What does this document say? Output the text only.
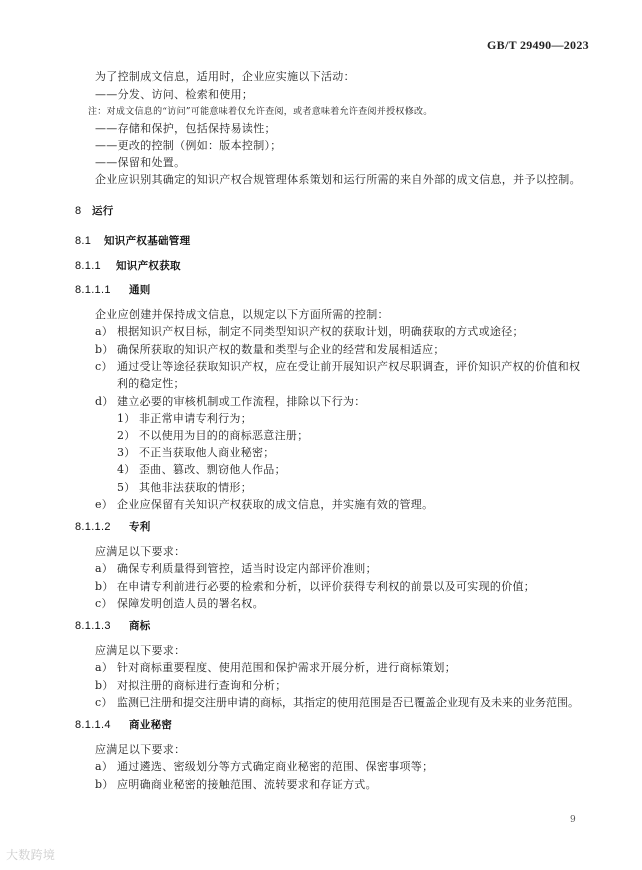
GB/T 29490—2023
为了控制成文信息，适用时，企业应实施以下活动：
——分发、访问、检索和使用；
注：对成文信息的“访问”可能意味着仅允许查阅，或者意味着允许查阅并授权修改。
——存储和保护，包括保持易读性；
——更改的控制（例如：版本控制）；
——保留和处置。
企业应识别其确定的知识产权合规管理体系策划和运行所需的来自外部的成文信息，并予以控制。
8 运行
8.1 知识产权基础管理
8.1.1 知识产权获取
8.1.1.1 通则
企业应创建并保持成文信息，以规定以下方面所需的控制：
a） 根据知识产权目标，制定不同类型知识产权的获取计划，明确获取的方式或途径；
b） 确保所获取的知识产权的数量和类型与企业的经营和发展相适应；
c） 通过受让等途径获取知识产权，应在受让前开展知识产权尽职调查，评价知识产权的价值和权
利的稳定性；
d） 建立必要的审核机制或工作流程，排除以下行为：
1） 非正常申请专利行为；
2） 不以使用为目的的商标恶意注册；
3） 不正当获取他人商业秘密；
4） 歪曲、篡改、剽窃他人作品；
5） 其他非法获取的情形；
e） 企业应保留有关知识产权获取的成文信息，并实施有效的管理。
8.1.1.2 专利
应满足以下要求：
a） 确保专利质量得到管控，适当时设定内部评价准则；
b） 在申请专利前进行必要的检索和分析，以评价获得专利权的前景以及可实现的价值；
c） 保障发明创造人员的署名权。
8.1.1.3 商标
应满足以下要求：
a） 针对商标重要程度、使用范围和保护需求开展分析，进行商标策划；
b） 对拟注册的商标进行查询和分析；
c） 监测已注册和提交注册申请的商标，其指定的使用范围是否已覆盖企业现有及未来的业务范围。
8.1.1.4 商业秘密
应满足以下要求：
a） 通过遴选、密级划分等方式确定商业秘密的范围、保密事项等；
b） 应明确商业秘密的接触范围、流转要求和存证方式。
9
大数跨境
